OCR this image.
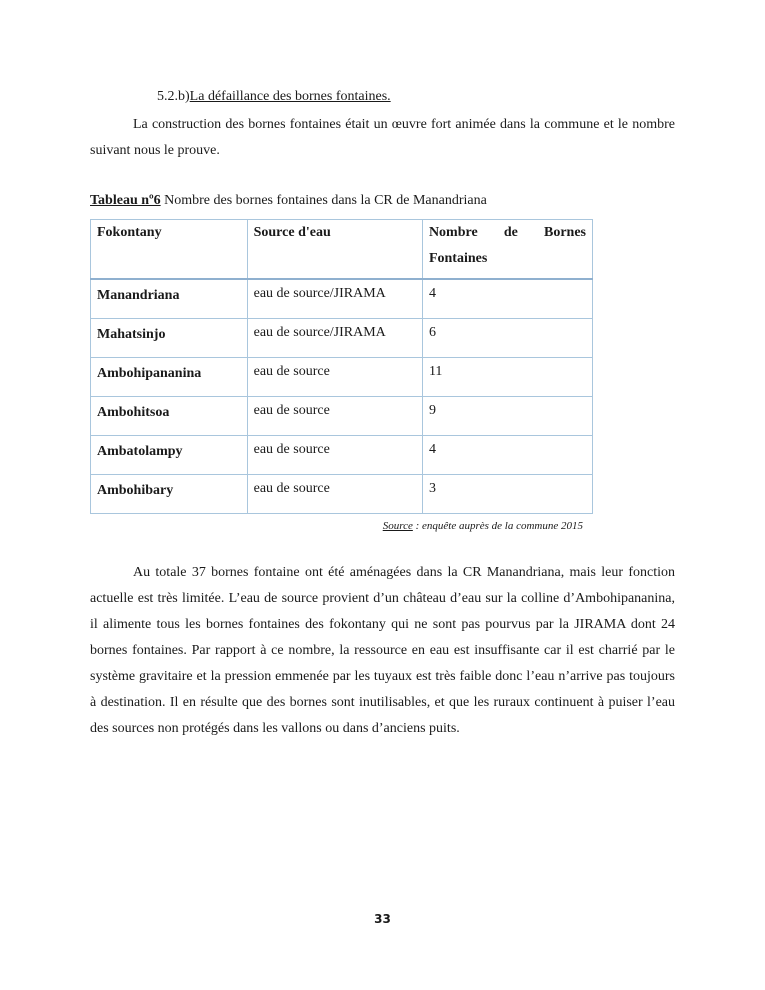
5.2.b)La défaillance des bornes fontaines.

La construction des bornes fontaines était un œuvre fort animée dans la commune et le nombre suivant nous le prouve.

Tableau nº6 Nombre des bornes fontaines dans la CR de Manandriana
Fokontany	Source d'eau	Nombre de Bornes
Fontaines

Manandriana	eau de source/JIRAMA	4
Mahatsinjo	eau de source/JIRAMA	6
Ambohipananina	eau de source	11
Ambohitsoa	eau de source	9
Ambatolampy	eau de source	4
Ambohibary	eau de source	3
Source : enquête auprès de la commune 2015

Au totale 37 bornes fontaine ont été aménagées dans la CR Manandriana, mais leur fonction actuelle est très limitée. L’eau de source provient d’un château d’eau sur la colline d’Ambohipananina, il alimente tous les bornes fontaines des fokontany qui ne sont pas pourvus par la JIRAMA dont 24 bornes fontaines. Par rapport à ce nombre, la ressource en eau est insuffisante car il est charrié par le système gravitaire et la pression emmenée par les tuyaux est très faible donc l’eau n’arrive pas toujours à destination. Il en résulte que des bornes sont inutilisables, et que les ruraux continuent à puiser l’eau des sources non protégés dans les vallons ou dans d’anciens puits.

33
